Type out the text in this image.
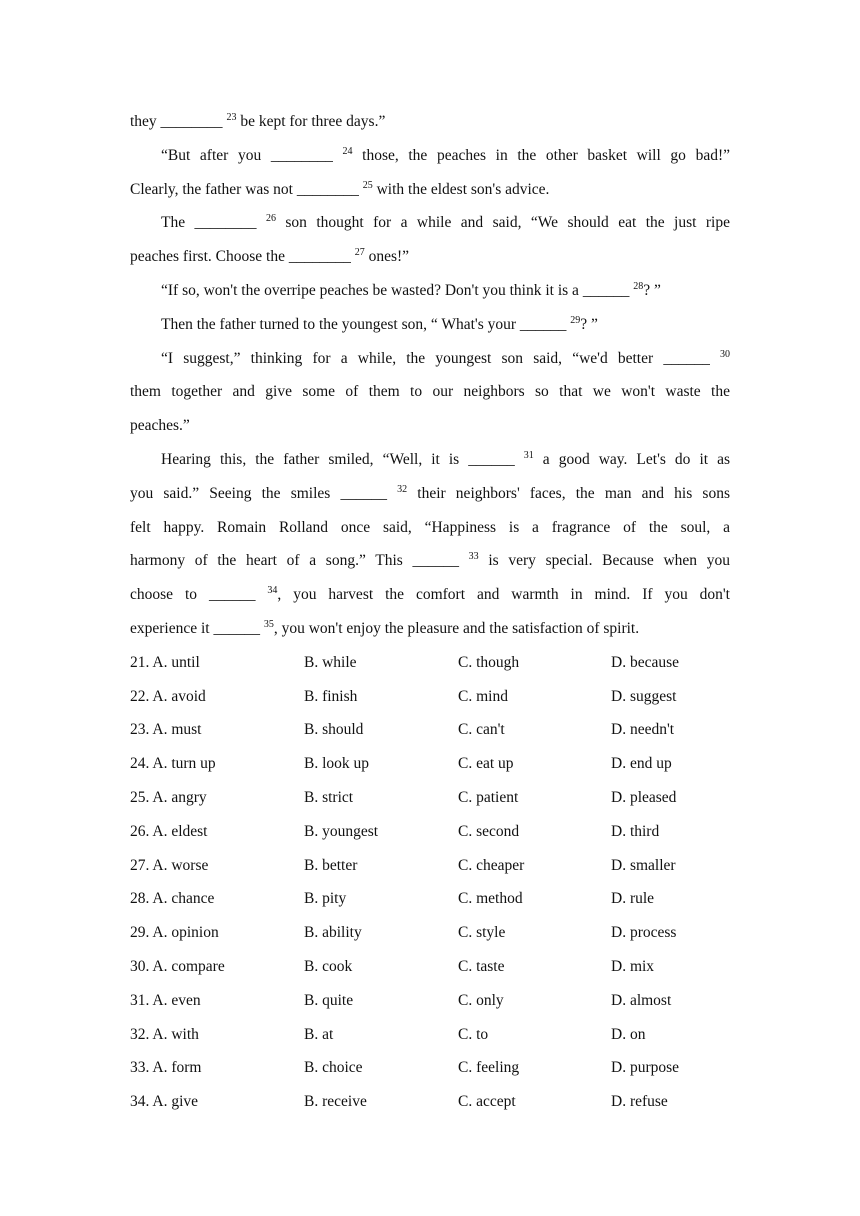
they ________ $^{23}$ be kept for three days.”
“But after you ________ $^{24}$ those, the peaches in the other basket will go bad!”
Clearly, the father was not ________ $^{25}$ with the eldest son's advice.
The ________ $^{26}$ son thought for a while and said, “We should eat the just ripe
peaches first. Choose the ________ $^{27}$ ones!”
“If so, won't the overripe peaches be wasted? Don't you think it is a ______ $^{28}$? ”
Then the father turned to the youngest son, “ What's your ______ $^{29}$? ”
“I suggest,” thinking for a while, the youngest son said, “we'd better ______ $^{30}$
them together and give some of them to our neighbors so that we won't waste the
peaches.”
Hearing this, the father smiled, “Well, it is ______ $^{31}$ a good way. Let's do it as
you said.” Seeing the smiles ______ $^{32}$ their neighbors' faces, the man and his sons
felt happy. Romain Rolland once said, “Happiness is a fragrance of the soul, a
harmony of the heart of a song.” This ______ $^{33}$ is very special. Because when you
choose to ______ $^{34}$, you harvest the comfort and warmth in mind. If you don't
experience it ______ $^{35}$, you won't enjoy the pleasure and the satisfaction of spirit.
21. A. until	B. while	C. though	D. because
22. A. avoid	B. finish	C. mind	D. suggest
23. A. must	B. should	C. can't	D. needn't
24. A. turn up	B. look up	C. eat up	D. end up
25. A. angry	B. strict	C. patient	D. pleased
26. A. eldest	B. youngest	C. second	D. third
27. A. worse	B. better	C. cheaper	D. smaller
28. A. chance	B. pity	C. method	D. rule
29. A. opinion	B. ability	C. style	D. process
30. A. compare	B. cook	C. taste	D. mix
31. A. even	B. quite	C. only	D. almost
32. A. with	B. at	C. to	D. on
33. A. form	B. choice	C. feeling	D. purpose
34. A. give	B. receive	C. accept	D. refuse
